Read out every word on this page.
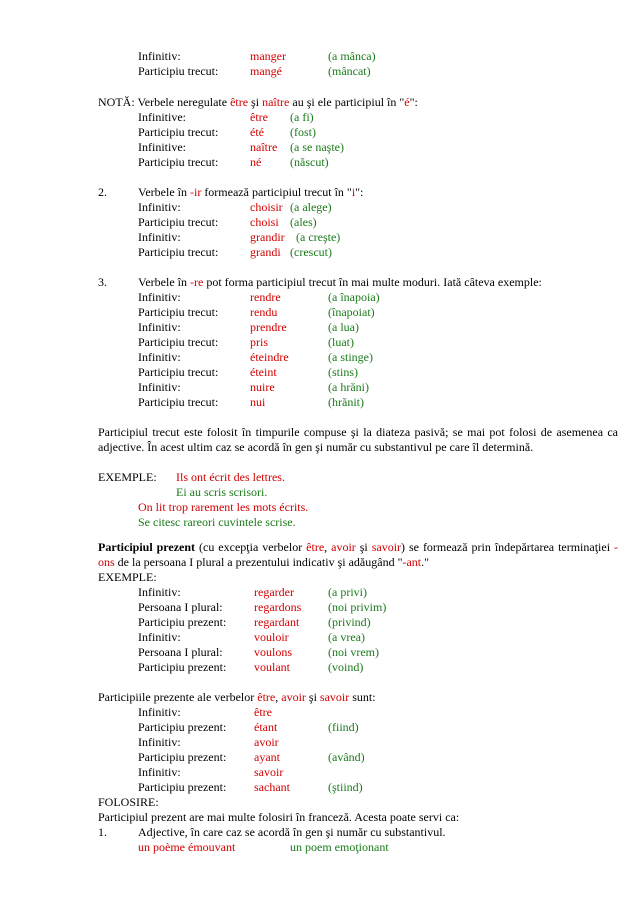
Infinitiv:	manger	(a mânca)
Participiu trecut:	mangé	(mâncat)
NOTĂ: Verbele neregulate être şi naître au şi ele participiul în "é":
Infinitive:	être (a fi)
Participiu trecut:	été (fost)
Infinitive:	naître (a se naşte)
Participiu trecut:	né (născut)
2.	Verbele în -ir formează participiul trecut în "i":
Infinitiv:	choisir (a alege)
Participiu trecut:	choisi (ales)
Infinitiv:	grandir (a creşte)
Participiu trecut:	grandi (crescut)
3.	Verbele în -re pot forma participiul trecut în mai multe moduri. Iată câteva exemple:
Infinitiv:	rendre	(a înapoia)
Participiu trecut:	rendu	(înapoiat)
Infinitiv:	prendre	(a lua)
Participiu trecut:	pris	(luat)
Infinitiv:	éteindre	(a stinge)
Participiu trecut:	éteint	(stins)
Infinitiv:	nuire	(a hrăni)
Participiu trecut:	nui	(hrănit)
Participiul trecut este folosit în timpurile compuse şi la diateza pasivă; se mai pot folosi de asemenea ca adjective. În acest ultim caz se acordă în gen şi număr cu substantivul pe care îl determină.
EXEMPLE: Ils ont écrit des lettres.
Ei au scris scrisori.
On lit trop rarement les mots écrits.
Se citesc rareori cuvintele scrise.
Participiul prezent (cu excepţia verbelor être, avoir şi savoir) se formează prin îndepărtarea terminaţiei -ons de la persoana I plural a prezentului indicativ şi adăugând "-ant."
EXEMPLE:
Infinitiv:	regarder	(a privi)
Persoana I plural:	regardons (noi privim)
Participiu prezent: regardant (privind)
Infinitiv:	vouloir	(a vrea)
Persoana I plural:	voulons	(noi vrem)
Participiu prezent: voulant	(voind)
Participiile prezente ale verbelor être, avoir şi savoir sunt:
Infinitiv:	être
Participiu prezent: étant	(fiind)
Infinitiv:	avoir
Participiu prezent: ayant	(având)
Infinitiv:	savoir
Participiu prezent: sachant	(ştiind)
FOLOSIRE:
Participiul prezent are mai multe folosiri în franceză. Acesta poate servi ca:
1.	Adjective, în care caz se acordă în gen şi număr cu substantivul.
un poème émouvant	un poem emoţionant
